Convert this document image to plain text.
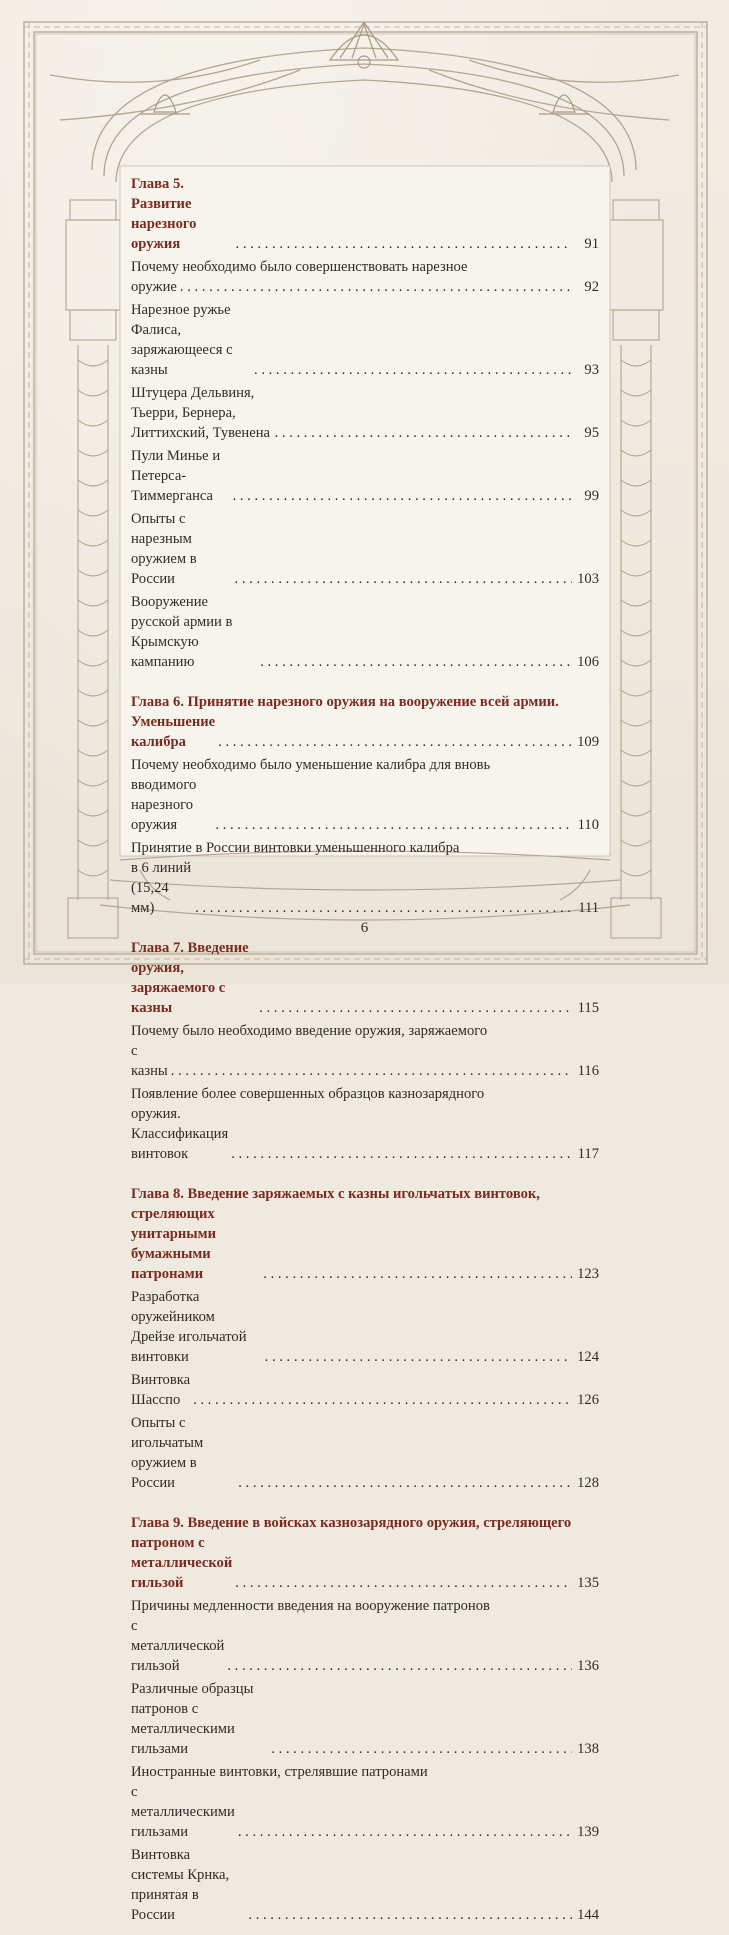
Глава 5. Развитие нарезного оружия . . .	91
Почему необходимо было совершенствовать нарезное
оружие . . .	92
Нарезное ружье Фалиса, заряжающееся с казны . . .	93
Штуцера Дельвиня, Тьерри, Бернера, Литтихский, Тувенена . . .	95
Пули Минье и Петерса-Тиммерганса . . .	99
Опыты с нарезным оружием в России . . .	103
Вооружение русской армии в Крымскую кампанию . . .	106
Глава 6. Принятие нарезного оружия на вооружение всей армии.
Уменьшение калибра . . .	109
Почему необходимо было уменьшение калибра для вновь
вводимого нарезного оружия . . .	110
Принятие в России винтовки уменьшенного калибра
в 6 линий (15,24 мм) . . .	111
Глава 7. Введение оружия, заряжаемого с казны . . .	115
Почему было необходимо введение оружия, заряжаемого
с казны . . .	116
Появление более совершенных образцов казнозарядного
оружия. Классификация винтовок . . .	117
Глава 8. Введение заряжаемых с казны игольчатых винтовок,
стреляющих унитарными бумажными патронами . . .	123
Разработка оружейником Дрейзе игольчатой винтовки . . .	124
Винтовка Шасспо . . .	126
Опыты с игольчатым оружием в России . . .	128
Глава 9. Введение в войсках казнозарядного оружия, стреляющего
патроном с металлической гильзой . . .	135
Причины медленности введения на вооружение патронов
с металлической гильзой . . .	136
Различные образцы патронов с металлическими гильзами . . .	138
Иностранные винтовки, стрелявшие патронами
с металлическими гильзами . . .	139
Винтовка системы Крнка, принятая в России . . .	144
6
